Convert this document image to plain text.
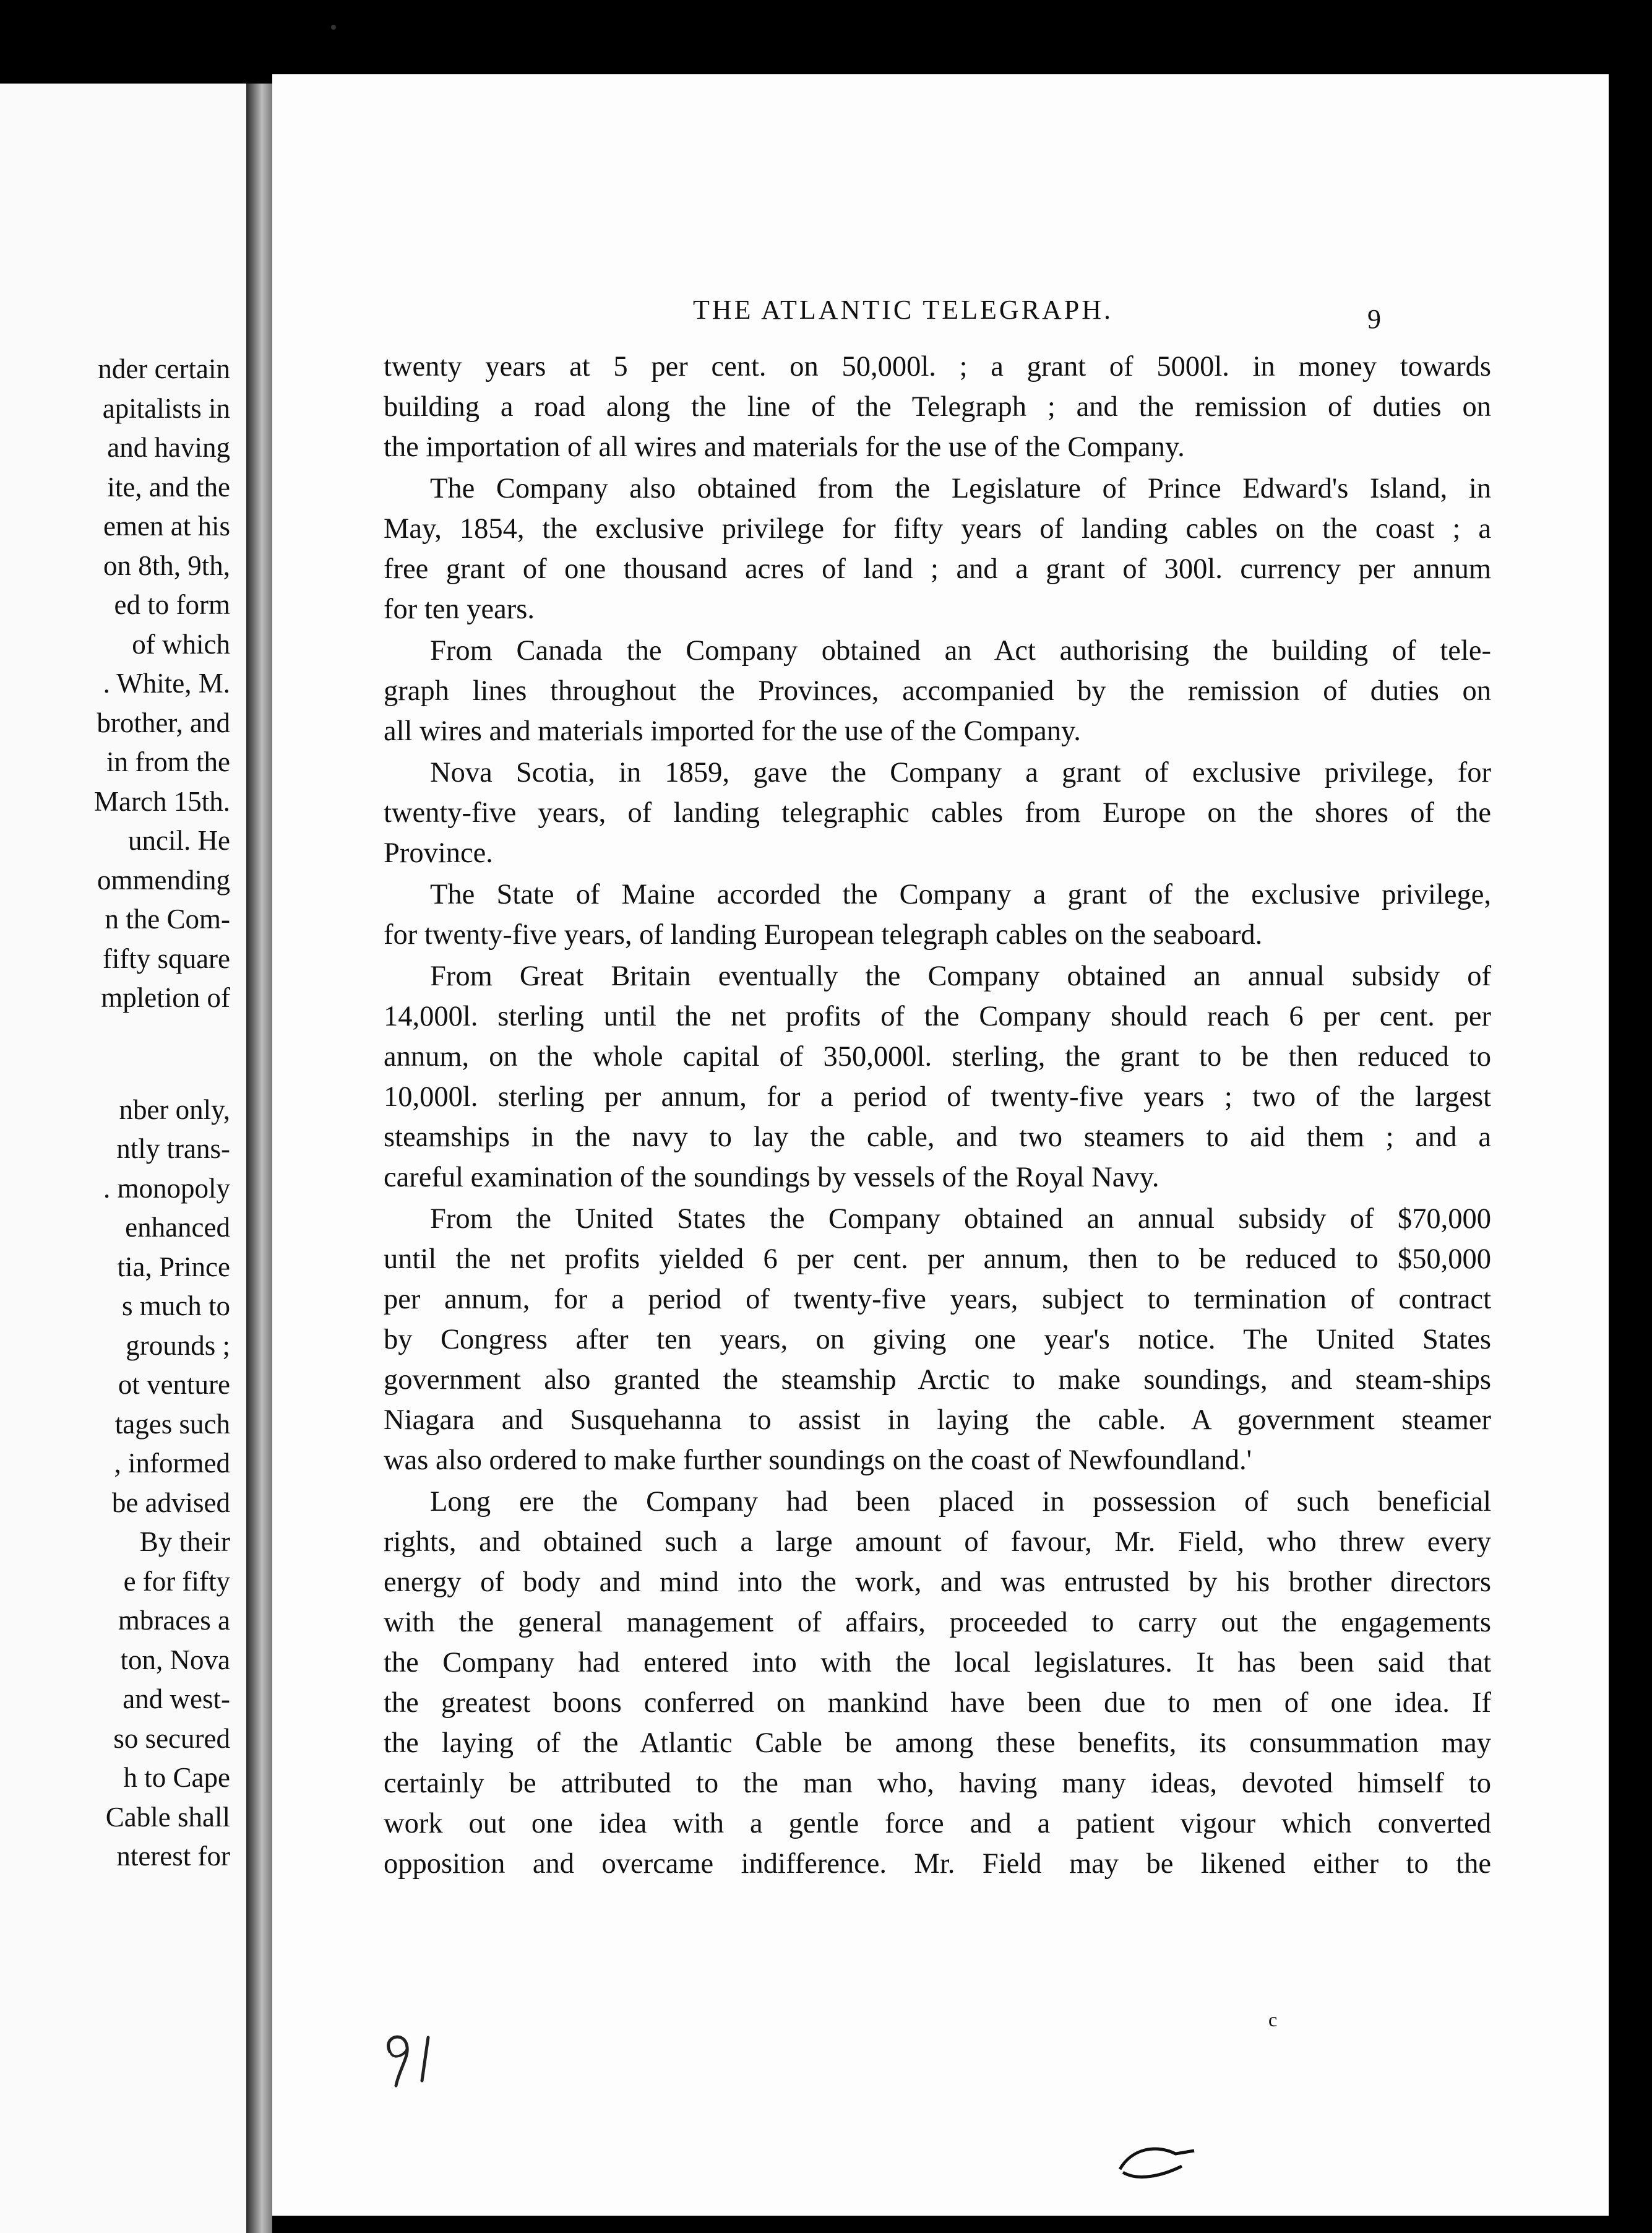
nder certain
apitalists in
and having
ite, and the
emen at his
on 8th, 9th,
ed to form
of which
. White, M.
brother, and
in from the
March 15th.
uncil. He
ommending
n the Com-
fifty square
mpletion of
nber only,
ntly trans-
. monopoly
enhanced
tia, Prince
s much to
grounds ;
ot venture
tages such
, informed
be advised
By their
e for fifty
mbraces a
ton, Nova
and west-
so secured
h to Cape
Cable shall
nterest for
THE ATLANTIC TELEGRAPH.	9
twenty years at 5 per cent. on 50,000l. ; a grant of 5000l. in money towards
building a road along the line of the Telegraph ; and the remission of duties on
the importation of all wires and materials for the use of the Company.
The Company also obtained from the Legislature of Prince Edward's Island, in
May, 1854, the exclusive privilege for fifty years of landing cables on the coast ; a
free grant of one thousand acres of land ; and a grant of 300l. currency per annum
for ten years.
From Canada the Company obtained an Act authorising the building of tele-
graph lines throughout the Provinces, accompanied by the remission of duties on
all wires and materials imported for the use of the Company.
Nova Scotia, in 1859, gave the Company a grant of exclusive privilege, for
twenty-five years, of landing telegraphic cables from Europe on the shores of the
Province.
The State of Maine accorded the Company a grant of the exclusive privilege,
for twenty-five years, of landing European telegraph cables on the seaboard.
From Great Britain eventually the Company obtained an annual subsidy of
14,000l. sterling until the net profits of the Company should reach 6 per cent. per
annum, on the whole capital of 350,000l. sterling, the grant to be then reduced to
10,000l. sterling per annum, for a period of twenty-five years ; two of the largest
steamships in the navy to lay the cable, and two steamers to aid them ; and a
careful examination of the soundings by vessels of the Royal Navy.
From the United States the Company obtained an annual subsidy of $70,000
until the net profits yielded 6 per cent. per annum, then to be reduced to $50,000
per annum, for a period of twenty-five years, subject to termination of contract
by Congress after ten years, on giving one year's notice. The United States
government also granted the steamship Arctic to make soundings, and steam-ships
Niagara and Susquehanna to assist in laying the cable. A government steamer
was also ordered to make further soundings on the coast of Newfoundland.'
Long ere the Company had been placed in possession of such beneficial
rights, and obtained such a large amount of favour, Mr. Field, who threw every
energy of body and mind into the work, and was entrusted by his brother directors
with the general management of affairs, proceeded to carry out the engagements
the Company had entered into with the local legislatures. It has been said that
the greatest boons conferred on mankind have been due to men of one idea. If
the laying of the Atlantic Cable be among these benefits, its consummation may
certainly be attributed to the man who, having many ideas, devoted himself to
work out one idea with a gentle force and a patient vigour which converted
opposition and overcame indifference. Mr. Field may be likened either to the
c
